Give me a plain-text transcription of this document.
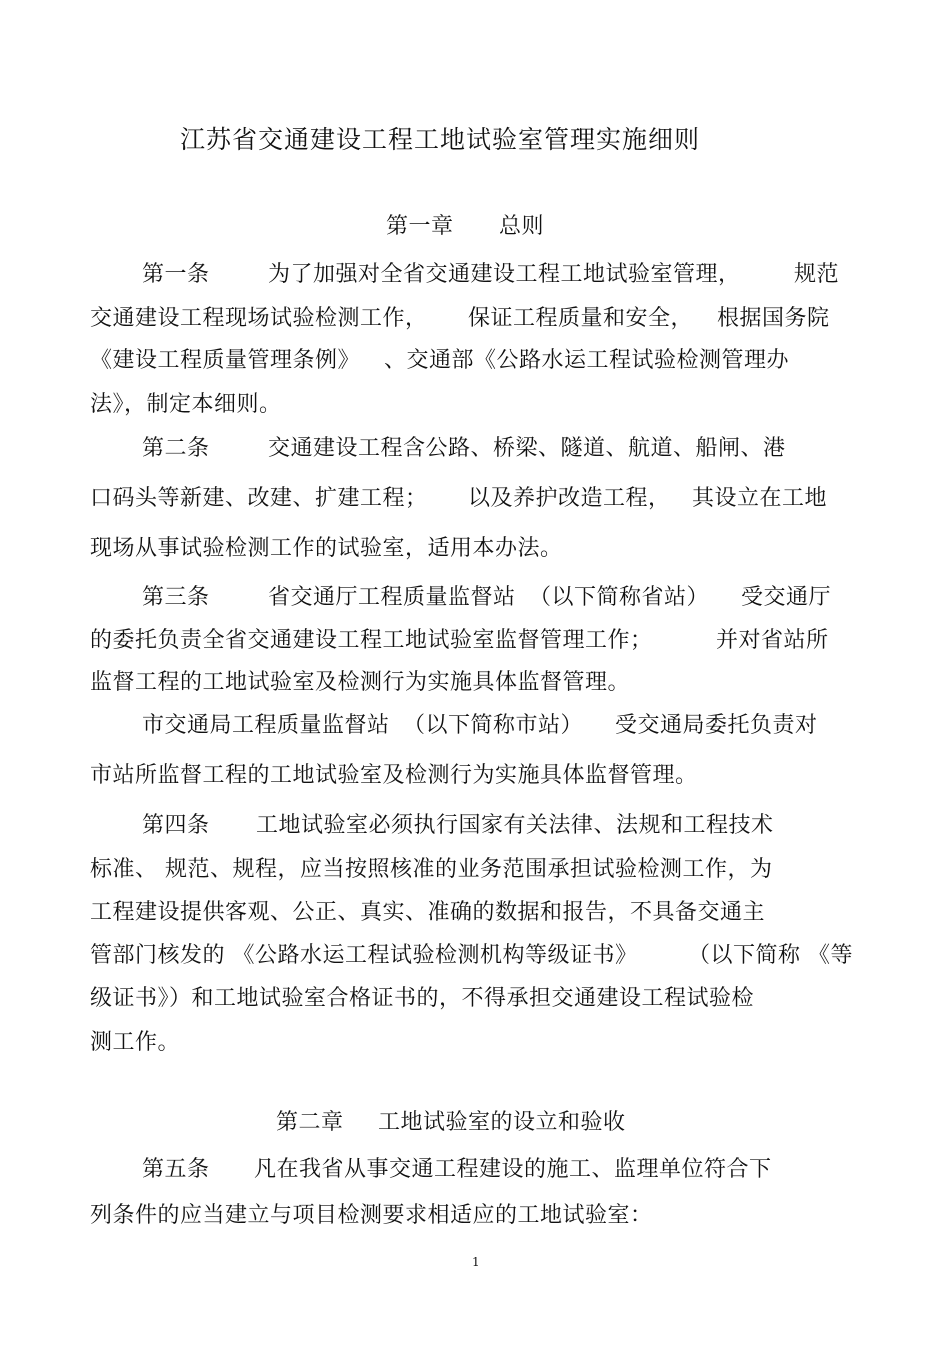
江苏省交通建设工程工地试验室管理实施细则
第一章 总则
第一条	为了加强对全省交通建设工程工地试验室管理， 规范
交通建设工程现场试验检测工作， 保证工程质量和安全， 根据国务院
《建设工程质量管理条例》 、交通部《公路水运工程试验检测管理办
法》，制定本细则。
第二条	交通建设工程含公路、桥梁、隧道、航道、船闸、港
口码头等新建、改建、扩建工程； 以及养护改造工程， 其设立在工地
现场从事试验检测工作的试验室，适用本办法。
第三条	省交通厅工程质量监督站 （以下简称省站） 受交通厅
的委托负责全省交通建设工程工地试验室监督管理工作；	并对省站所
监督工程的工地试验室及检测行为实施具体监督管理。
市交通局工程质量监督站 （以下简称市站） 受交通局委托负责对
市站所监督工程的工地试验室及检测行为实施具体监督管理。
第四条 工地试验室必须执行国家有关法律、法规和工程技术
标准、 规范、规程，应当按照核准的业务范围承担试验检测工作，为
工程建设提供客观、公正、真实、准确的数据和报告，不具备交通主
管部门核发的 《公路水运工程试验检测机构等级证书》 （以下简称 《等
级证书》）和工地试验室合格证书的，不得承担交通建设工程试验检
测工作。
第二章 工地试验室的设立和验收
第五条 凡在我省从事交通工程建设的施工、监理单位符合下
列条件的应当建立与项目检测要求相适应的工地试验室：
1
